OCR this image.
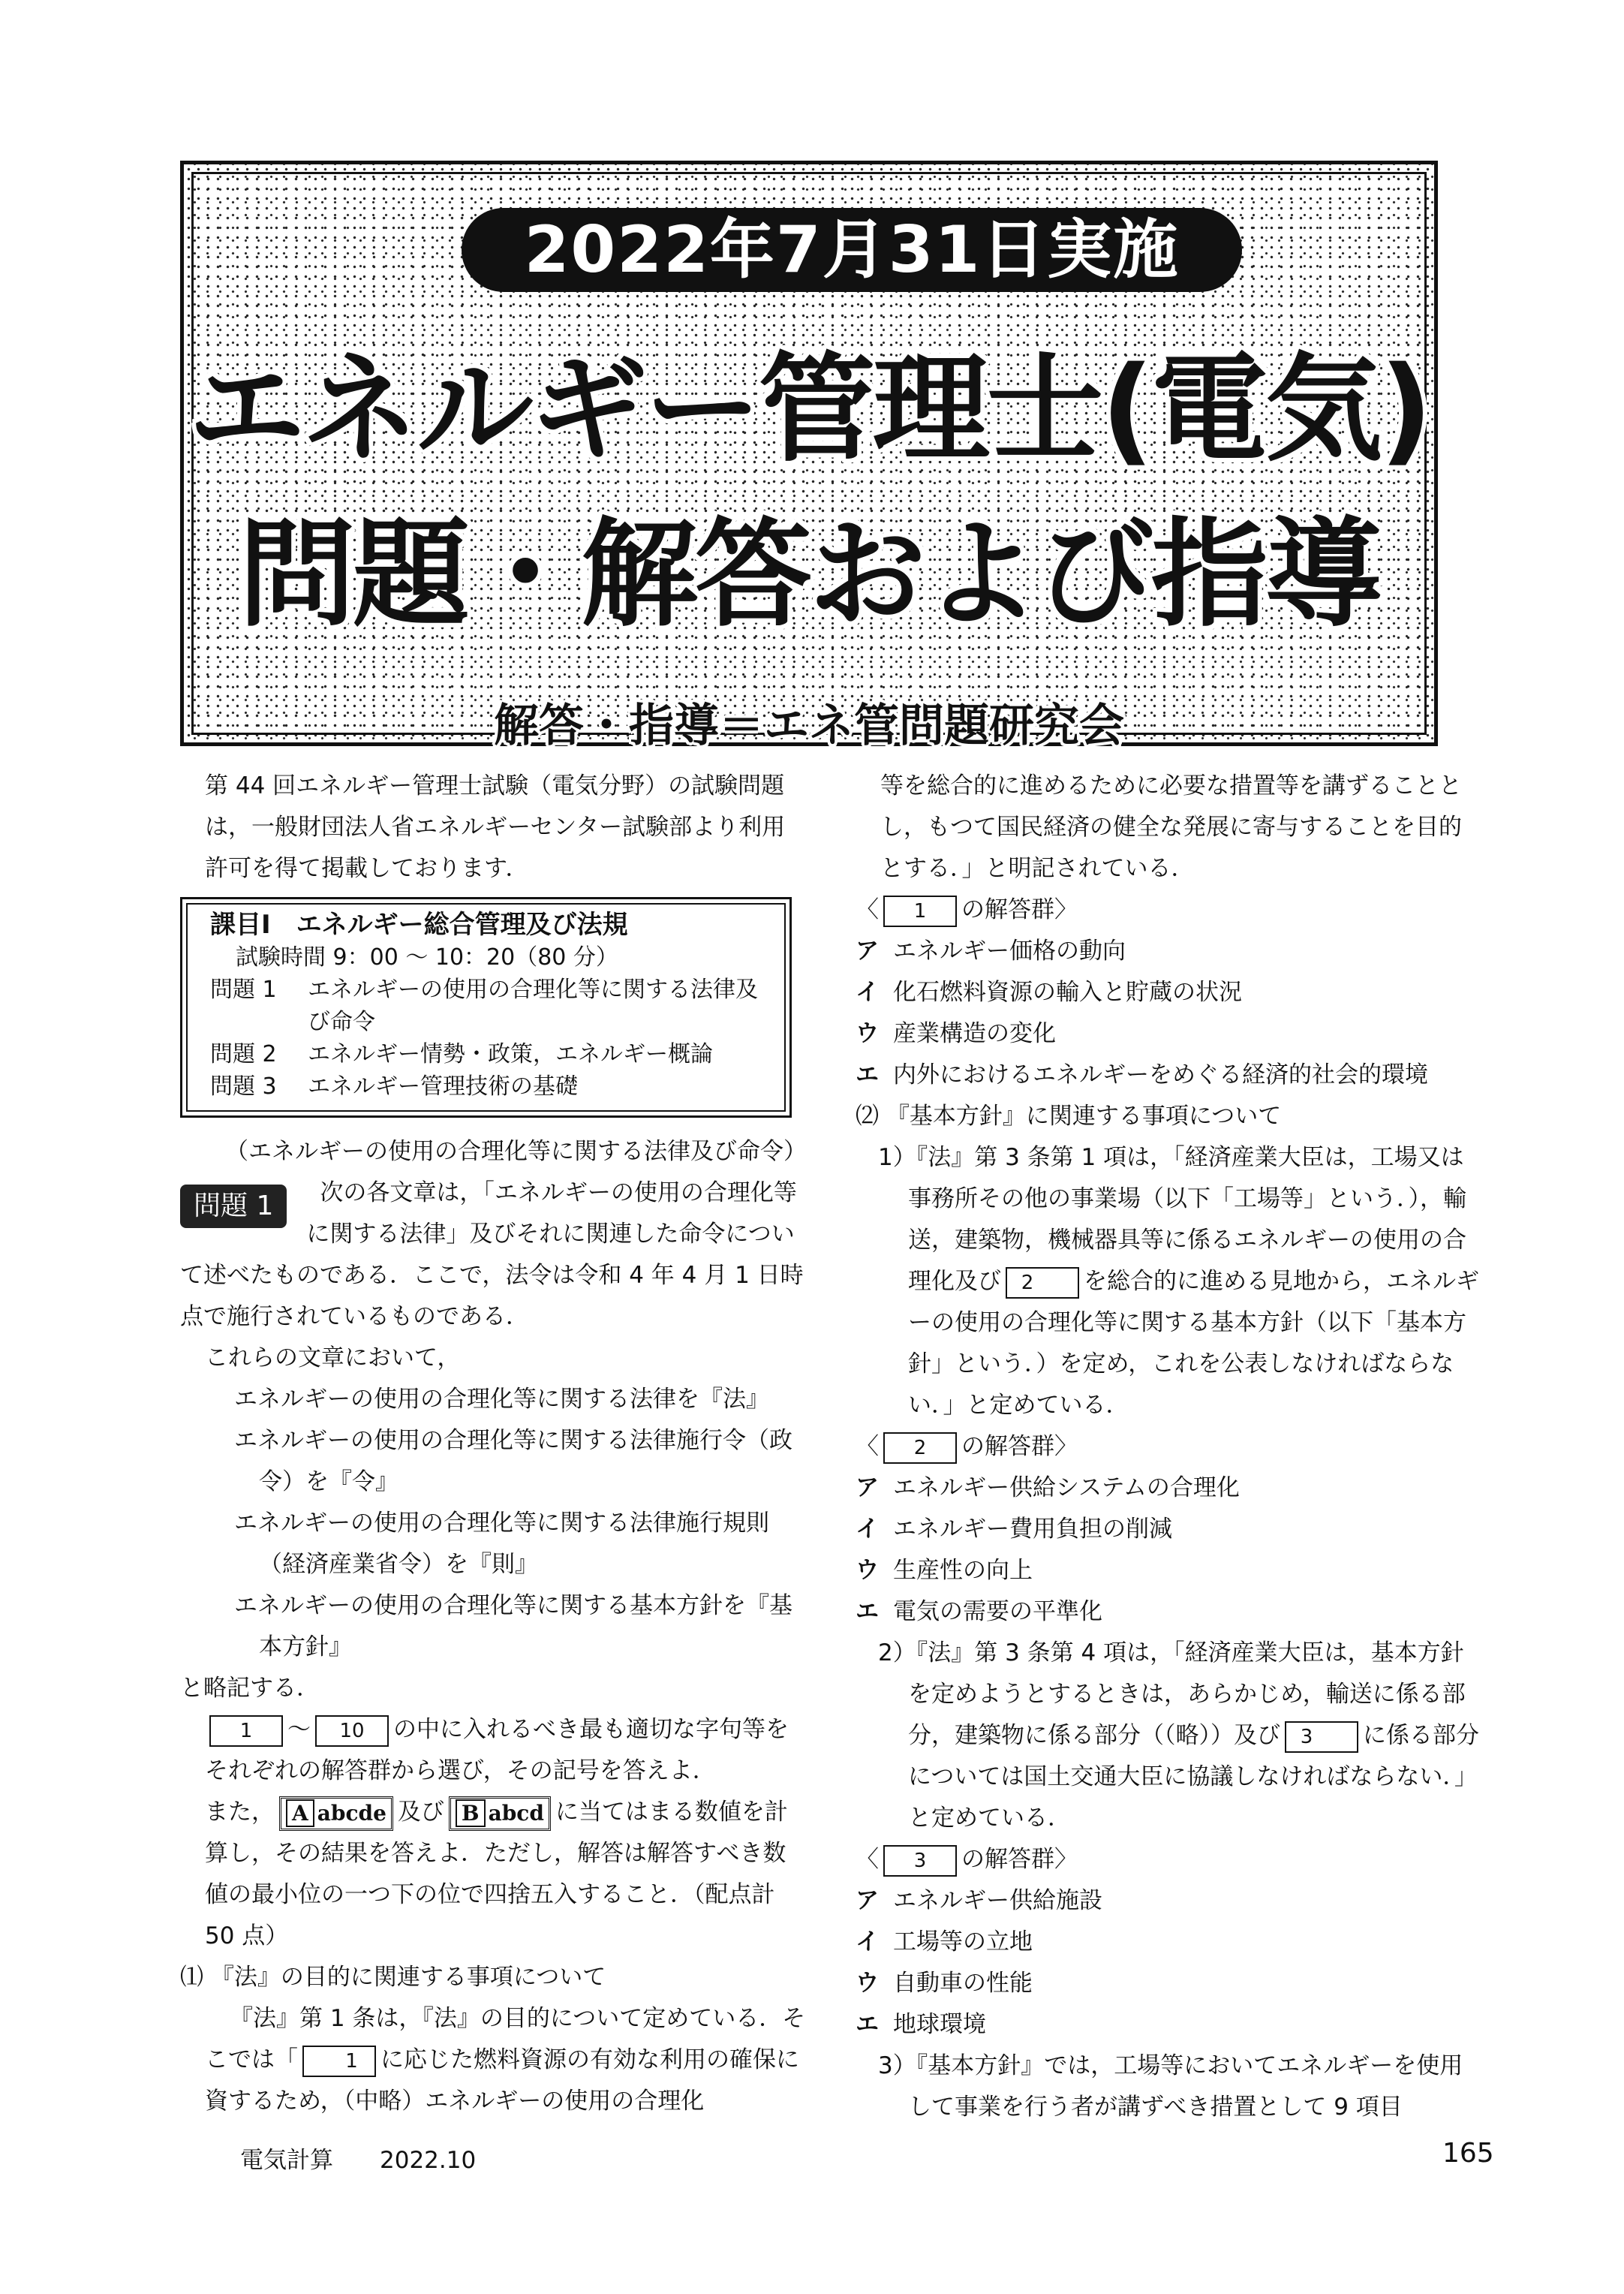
2022年7月31日実施
エネルギー管理士(電気)
問題・解答および指導
解答・指導＝エネ管問題研究会

第 44 回エネルギー管理士試験（電気分野）の試験問題は，一般財団法人省エネルギーセンター試験部より利用許可を得て掲載しております．

課目Ⅰ　エネルギー総合管理及び法規
試験時間 9：00 ～ 10：20（80 分）
問題 1	エネルギーの使用の合理化等に関する法律及び命令
問題 2	エネルギー情勢・政策，エネルギー概論
問題 3	エネルギー管理技術の基礎

（エネルギーの使用の合理化等に関する法律及び命令）

問題 1	次の各文章は，「エネルギーの使用の合理化等に関する法律」及びそれに関連した命令について述べたものである．ここで，法令は令和 4 年 4 月 1 日時点で施行されているものである．

これらの文章において，

エネルギーの使用の合理化等に関する法律を『法』

エネルギーの使用の合理化等に関する法律施行令（政令）を『令』

エネルギーの使用の合理化等に関する法律施行規則（経済産業省令）を『則』

エネルギーの使用の合理化等に関する基本方針を『基本方針』

と略記する．

1 ～ 10 の中に入れるべき最も適切な字句等をそれぞれの解答群から選び，その記号を答えよ．

また， A abcde 及び B abcd に当てはまる数値を計算し，その結果を答えよ．ただし，解答は解答すべき数値の最小位の一つ下の位で四捨五入すること．（配点計 50 点）

⑴ 『法』の目的に関連する事項について

『法』第 1 条は，『法』の目的について定めている．そこでは「 1 に応じた燃料資源の有効な利用の確保に資するため，（中略）エネルギーの使用の合理化

等を総合的に進めるために必要な措置等を講ずることとし，もつて国民経済の健全な発展に寄与することを目的とする．」と明記されている．

〈 1 の解答群〉

ア エネルギー価格の動向
イ 化石燃料資源の輸入と貯蔵の状況
ウ 産業構造の変化
エ 内外におけるエネルギーをめぐる経済的社会的環境

⑵ 『基本方針』に関連する事項について

1）『法』第 3 条第 1 項は，「経済産業大臣は，工場又は事務所その他の事業場（以下「工場等」という．），輸送，建築物，機械器具等に係るエネルギーの使用の合理化及び 2 を総合的に進める見地から，エネルギーの使用の合理化等に関する基本方針（以下「基本方針」という．）を定め，これを公表しなければならない．」と定めている．

〈 2 の解答群〉

ア エネルギー供給システムの合理化
イ エネルギー費用負担の削減
ウ 生産性の向上
エ 電気の需要の平準化

2）『法』第 3 条第 4 項は，「経済産業大臣は，基本方針を定めようとするときは，あらかじめ，輸送に係る部分，建築物に係る部分（（略））及び 3 に係る部分については国土交通大臣に協議しなければならない．」と定めている．

〈 3 の解答群〉

ア エネルギー供給施設
イ 工場等の立地
ウ 自動車の性能
エ 地球環境

3）『基本方針』では，工場等においてエネルギーを使用して事業を行う者が講ずべき措置として 9 項目

電気計算　　2022.10	165
